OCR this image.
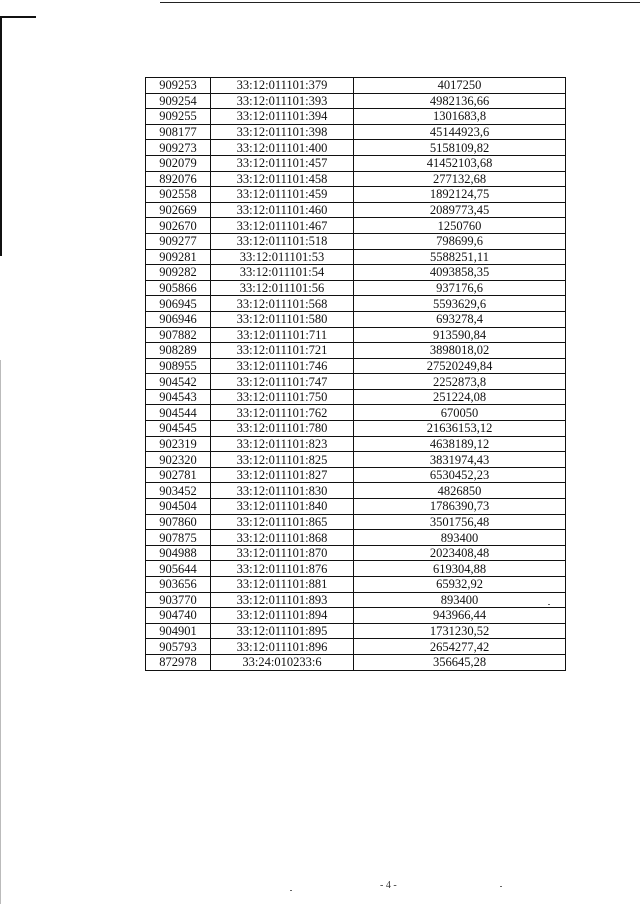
909253	33:12:011101:379	4017250
909254	33:12:011101:393	4982136,66
909255	33:12:011101:394	1301683,8
908177	33:12:011101:398	45144923,6
909273	33:12:011101:400	5158109,82
902079	33:12:011101:457	41452103,68
892076	33:12:011101:458	277132,68
902558	33:12:011101:459	1892124,75
902669	33:12:011101:460	2089773,45
902670	33:12:011101:467	1250760
909277	33:12:011101:518	798699,6
909281	33:12:011101:53	5588251,11
909282	33:12:011101:54	4093858,35
905866	33:12:011101:56	937176,6
906945	33:12:011101:568	5593629,6
906946	33:12:011101:580	693278,4
907882	33:12:011101:711	913590,84
908289	33:12:011101:721	3898018,02
908955	33:12:011101:746	27520249,84
904542	33:12:011101:747	2252873,8
904543	33:12:011101:750	251224,08
904544	33:12:011101:762	670050
904545	33:12:011101:780	21636153,12
902319	33:12:011101:823	4638189,12
902320	33:12:011101:825	3831974,43
902781	33:12:011101:827	6530452,23
903452	33:12:011101:830	4826850
904504	33:12:011101:840	1786390,73
907860	33:12:011101:865	3501756,48
907875	33:12:011101:868	893400
904988	33:12:011101:870	2023408,48
905644	33:12:011101:876	619304,88
903656	33:12:011101:881	65932,92
903770	33:12:011101:893	893400
904740	33:12:011101:894	943966,44
904901	33:12:011101:895	1731230,52
905793	33:12:011101:896	2654277,42
872978	33:24:010233:6	356645,28
- 4 -
